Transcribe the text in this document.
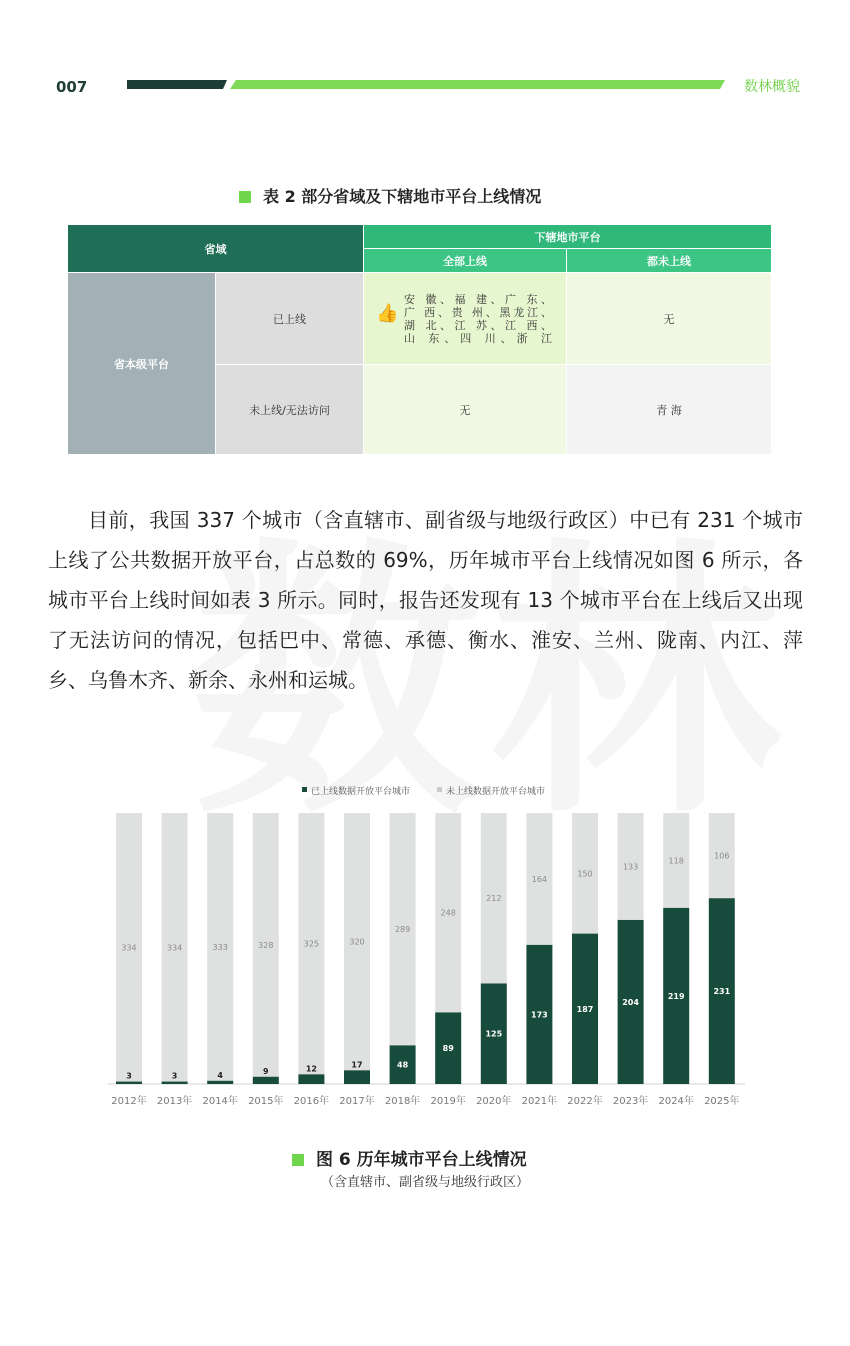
007	数林概貌
表 2 部分省域及下辖地市平台上线情况
省域		下辖地市平台	
		全部上线	都未上线
省本级平台	已上线	👍
安 徽、福 建、广 东、
广 西、贵 州、黑龙江、
湖 北、江 苏、江 西、
山 东、四 川、浙 江	无
	未上线/无法访问	无	青 海

目前，我国 337 个城市（含直辖市、副省级与地级行政区）中已有 231 个城市上线了公共数据开放平台，占总数的 69%，历年城市平台上线情况如图 6 所示，各城市平台上线时间如表 3 所示。同时，报告还发现有 13 个城市平台在上线后又出现了无法访问的情况，包括巴中、常德、承德、衡水、淮安、兰州、陇南、内江、萍乡、乌鲁木齐、新余、永州和运城。

已上线数据开放平台城市	未上线数据开放平台城市
334
3
2012年
334
3
2013年
333
4
2014年
328
9
2015年
325
12
2016年
320
17
2017年
289
48
2018年
248
89
2019年
212
125
2020年
164
173
2021年
150
187
2022年
133
204
2023年
118
219
2024年
106
231
2025年
图 6 历年城市平台上线情况
（含直辖市、副省级与地级行政区）
